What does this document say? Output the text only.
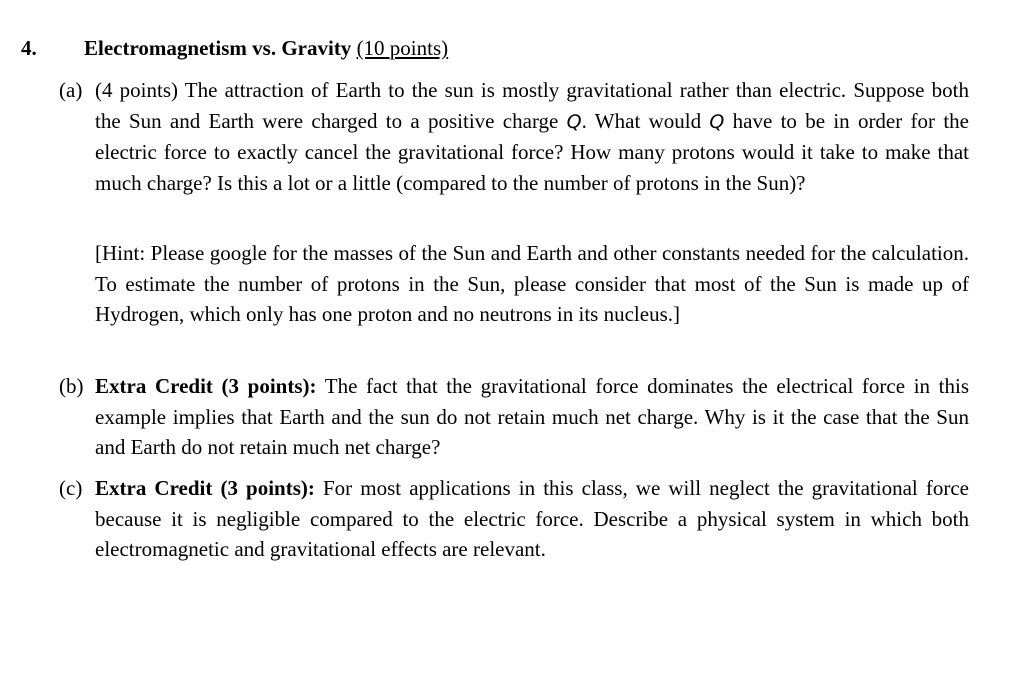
4. Electromagnetism vs. Gravity (10 points)
(a) (4 points) The attraction of Earth to the sun is mostly gravitational rather than electric. Suppose both the Sun and Earth were charged to a positive charge Q. What would Q have to be in order for the electric force to exactly cancel the gravitational force? How many protons would it take to make that much charge? Is this a lot or a little (compared to the number of protons in the Sun)?
[Hint: Please google for the masses of the Sun and Earth and other constants needed for the calculation. To estimate the number of protons in the Sun, please consider that most of the Sun is made up of Hydrogen, which only has one proton and no neutrons in its nucleus.]
(b) Extra Credit (3 points): The fact that the gravitational force dominates the electrical force in this example implies that Earth and the sun do not retain much net charge. Why is it the case that the Sun and Earth do not retain much net charge?
(c) Extra Credit (3 points): For most applications in this class, we will neglect the gravitational force because it is negligible compared to the electric force. Describe a physical system in which both electromagnetic and gravitational effects are relevant.
